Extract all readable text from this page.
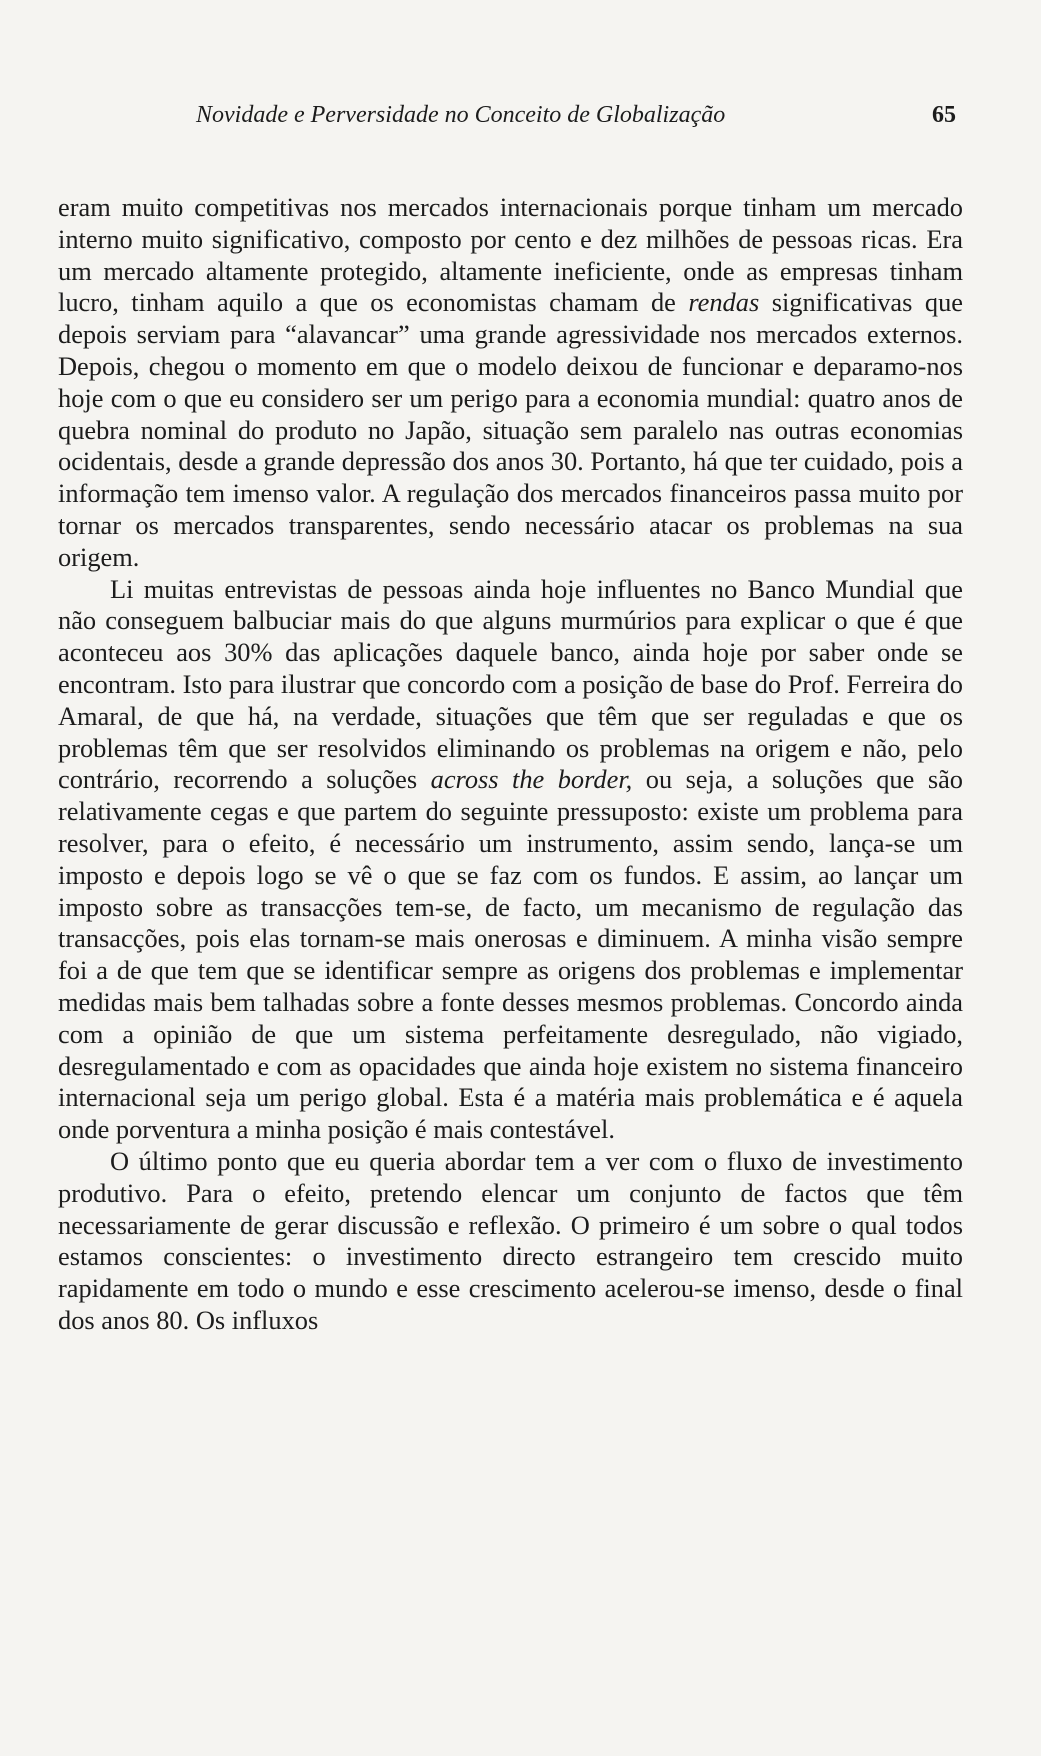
Novidade e Perversidade no Conceito de Globalização	65

eram muito competitivas nos mercados internacionais porque tinham um mercado interno muito significativo, composto por cento e dez milhões de pessoas ricas. Era um mercado altamente protegido, altamente ineficiente, onde as empresas tinham lucro, tinham aquilo a que os economistas chamam de rendas significativas que depois serviam para “alavancar” uma grande agressividade nos mercados externos. Depois, chegou o momento em que o modelo deixou de funcionar e deparamo-nos hoje com o que eu considero ser um perigo para a economia mundial: quatro anos de quebra nominal do produto no Japão, situação sem paralelo nas outras economias ocidentais, desde a grande depressão dos anos 30. Portanto, há que ter cuidado, pois a informação tem imenso valor. A regulação dos mercados financeiros passa muito por tornar os mercados transparentes, sendo necessário atacar os problemas na sua origem.

Li muitas entrevistas de pessoas ainda hoje influentes no Banco Mundial que não conseguem balbuciar mais do que alguns murmúrios para explicar o que é que aconteceu aos 30% das aplicações daquele banco, ainda hoje por saber onde se encontram. Isto para ilustrar que concordo com a posição de base do Prof. Ferreira do Amaral, de que há, na verdade, situações que têm que ser reguladas e que os problemas têm que ser resolvidos eliminando os problemas na origem e não, pelo contrário, recorrendo a soluções across the border, ou seja, a soluções que são relativamente cegas e que partem do seguinte pressuposto: existe um problema para resolver, para o efeito, é necessário um instrumento, assim sendo, lança-se um imposto e depois logo se vê o que se faz com os fundos. E assim, ao lançar um imposto sobre as transacções tem-se, de facto, um mecanismo de regulação das transacções, pois elas tornam-se mais onerosas e diminuem. A minha visão sempre foi a de que tem que se identificar sempre as origens dos problemas e implementar medidas mais bem talhadas sobre a fonte desses mesmos problemas. Concordo ainda com a opinião de que um sistema perfeitamente desregulado, não vigiado, desregulamentado e com as opacidades que ainda hoje existem no sistema financeiro internacional seja um perigo global. Esta é a matéria mais problemática e é aquela onde porventura a minha posição é mais contestável.

O último ponto que eu queria abordar tem a ver com o fluxo de investimento produtivo. Para o efeito, pretendo elencar um conjunto de factos que têm necessariamente de gerar discussão e reflexão. O primeiro é um sobre o qual todos estamos conscientes: o investimento directo estrangeiro tem crescido muito rapidamente em todo o mundo e esse crescimento acelerou-se imenso, desde o final dos anos 80. Os influxos
